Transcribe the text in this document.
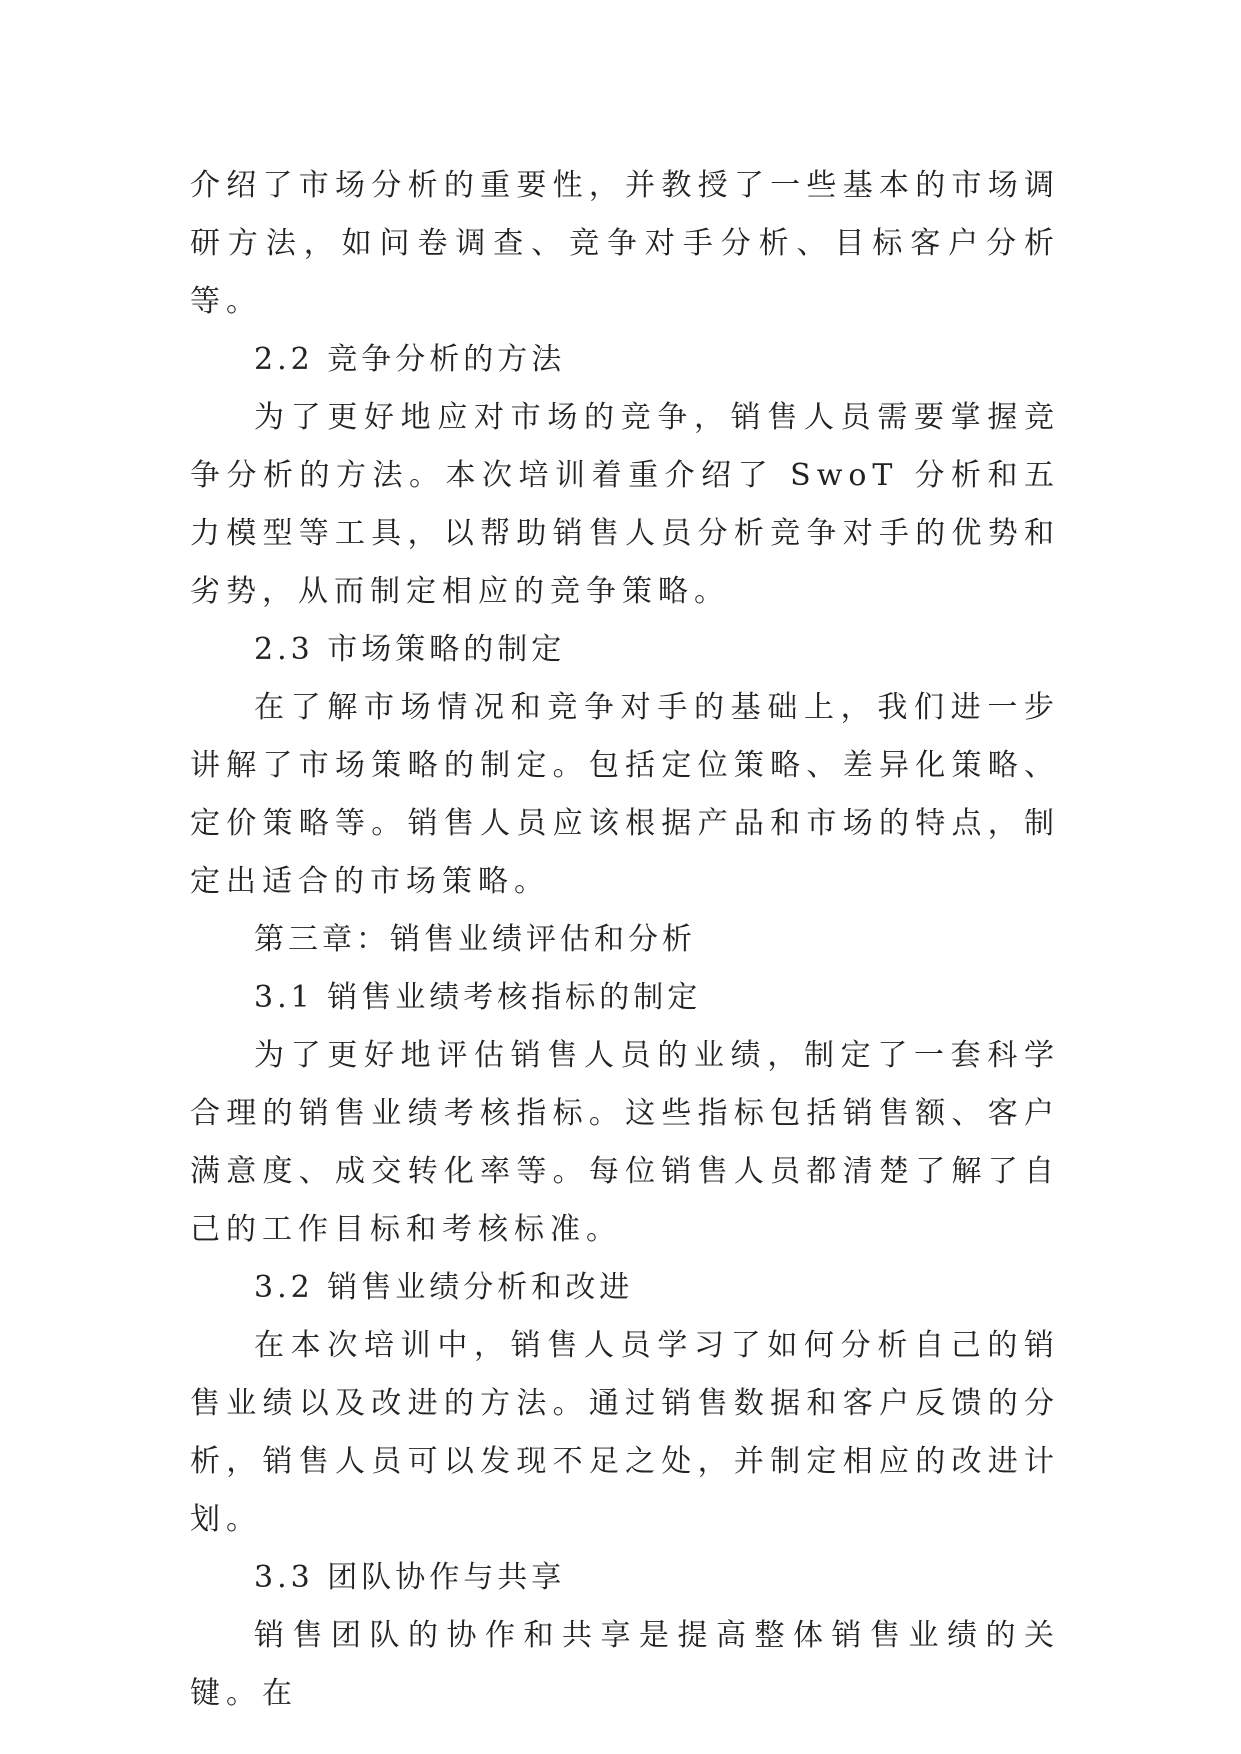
介绍了市场分析的重要性，并教授了一些基本的市场调研方法，如问卷调查、竞争对手分析、目标客户分析等。

2.2 竞争分析的方法

为了更好地应对市场的竞争，销售人员需要掌握竞争分析的方法。本次培训着重介绍了 SwoT 分析和五力模型等工具，以帮助销售人员分析竞争对手的优势和劣势，从而制定相应的竞争策略。

2.3 市场策略的制定

在了解市场情况和竞争对手的基础上，我们进一步讲解了市场策略的制定。包括定位策略、差异化策略、定价策略等。销售人员应该根据产品和市场的特点，制定出适合的市场策略。

第三章：销售业绩评估和分析

3.1 销售业绩考核指标的制定

为了更好地评估销售人员的业绩，制定了一套科学合理的销售业绩考核指标。这些指标包括销售额、客户满意度、成交转化率等。每位销售人员都清楚了解了自己的工作目标和考核标准。

3.2 销售业绩分析和改进

在本次培训中，销售人员学习了如何分析自己的销售业绩以及改进的方法。通过销售数据和客户反馈的分析，销售人员可以发现不足之处，并制定相应的改进计划。

3.3 团队协作与共享

销售团队的协作和共享是提高整体销售业绩的关键。在
